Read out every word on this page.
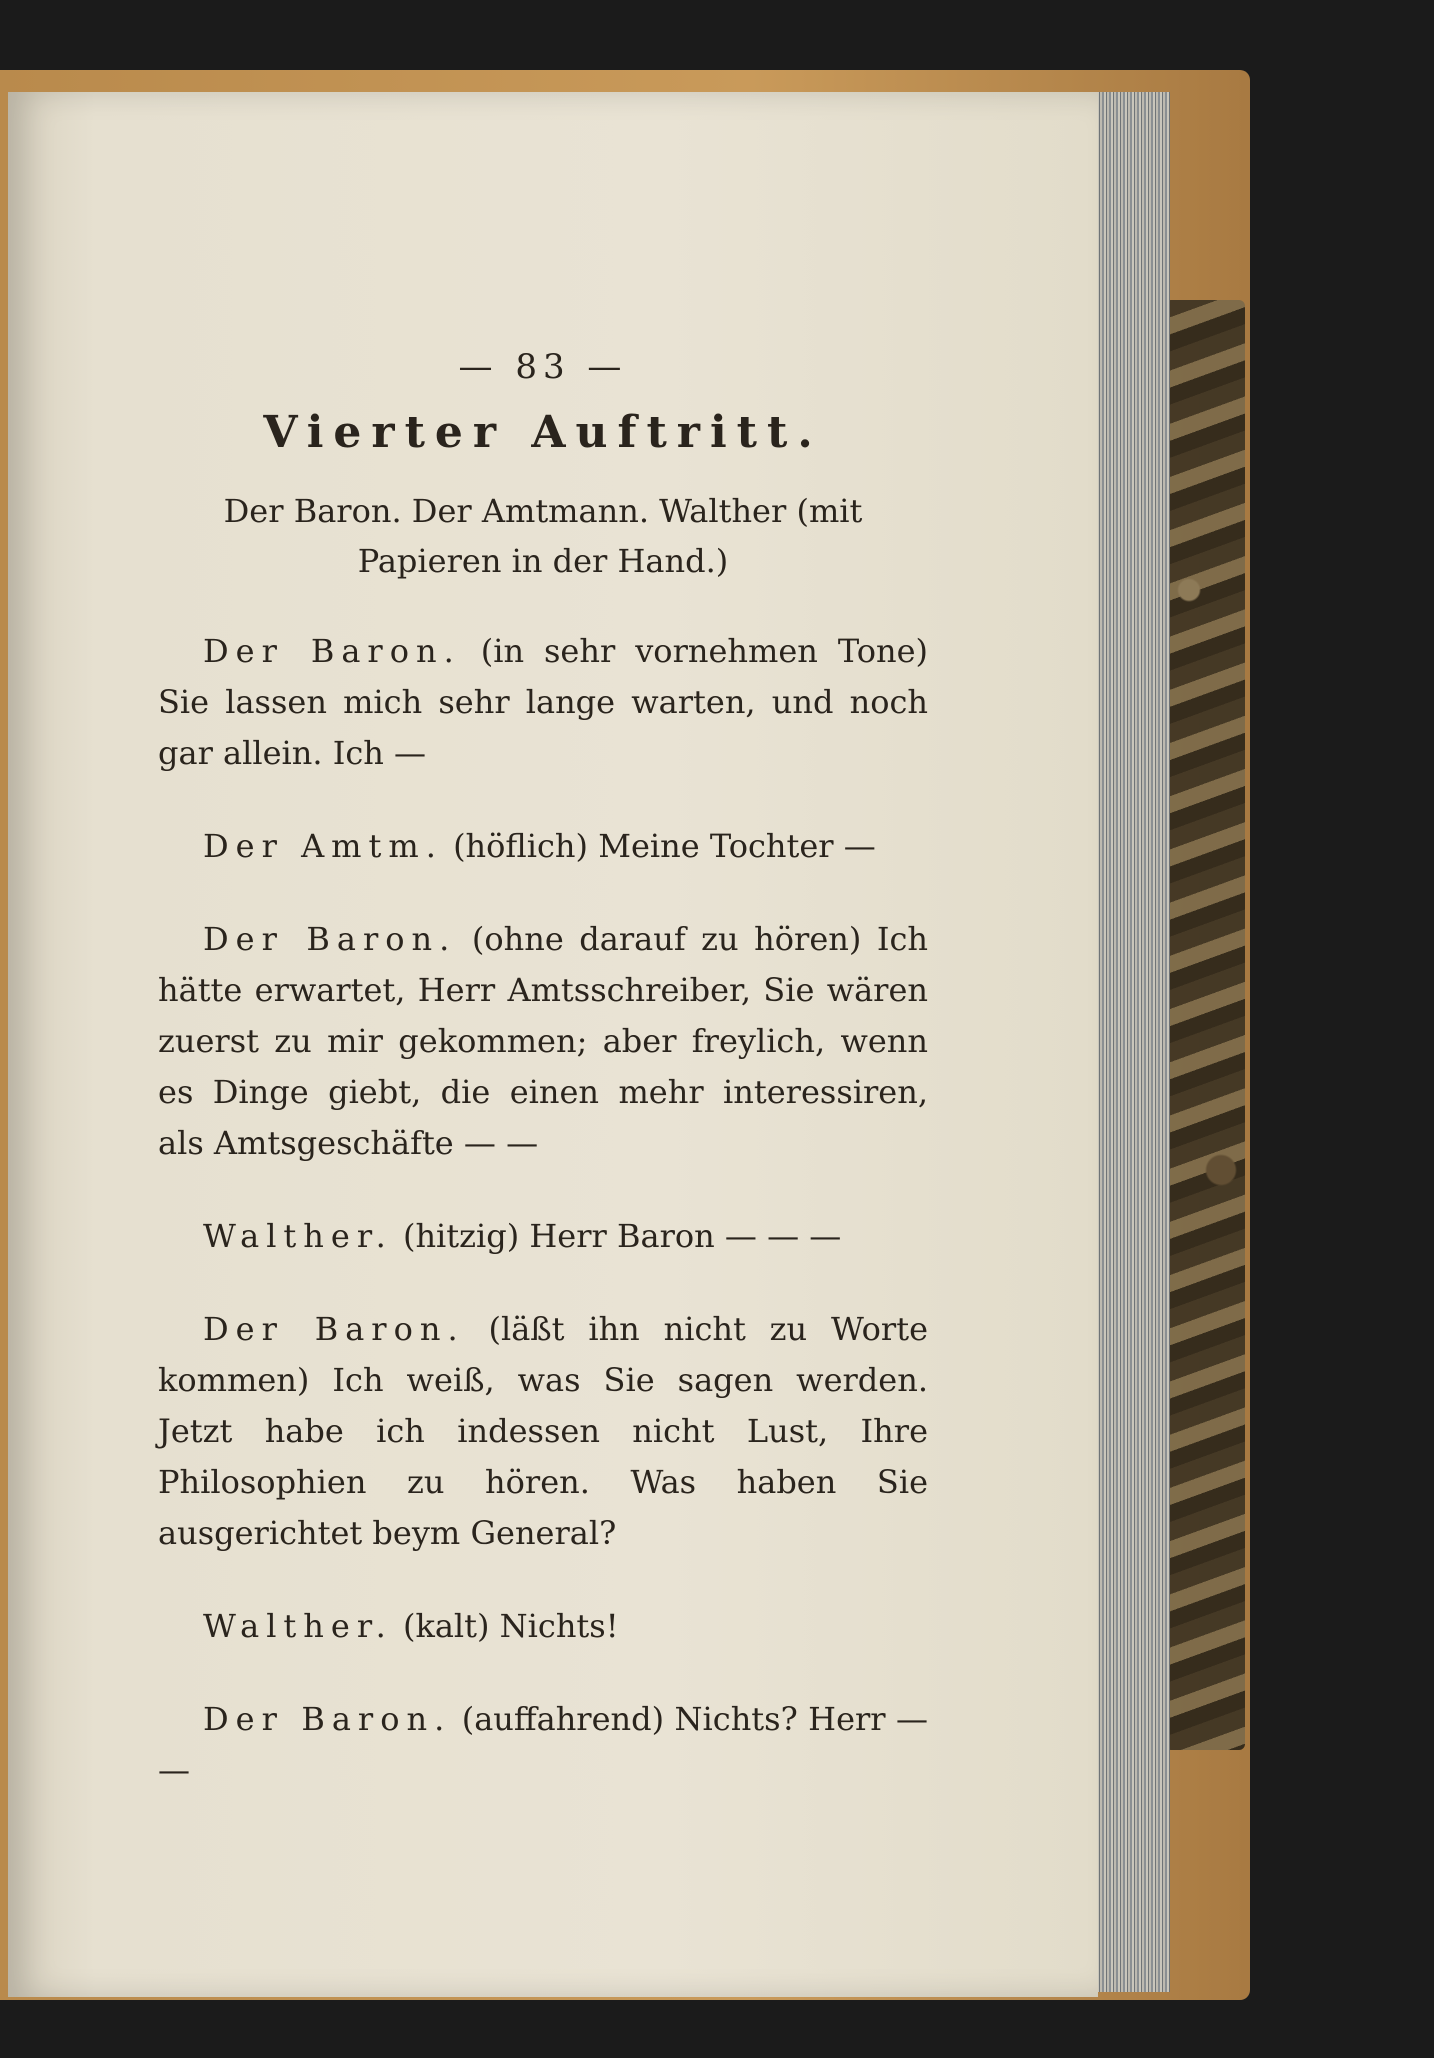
— 83 —
Vierter Auftritt.
Der Baron. Der Amtmann. Walther (mit Papieren in der Hand.)

Der Baron. (in sehr vornehmen Tone) Sie lassen mich sehr lange warten, und noch gar allein. Ich —

Der Amtm. (höflich) Meine Tochter —

Der Baron. (ohne darauf zu hören) Ich hätte erwartet, Herr Amtsschreiber, Sie wären zuerst zu mir gekommen; aber freylich, wenn es Dinge giebt, die einen mehr interessiren, als Amtsgeschäfte — —

Walther. (hitzig) Herr Baron — — —

Der Baron. (läßt ihn nicht zu Worte kommen) Ich weiß, was Sie sagen werden. Jetzt habe ich indessen nicht Lust, Ihre Philosophien zu hören. Was haben Sie ausgerichtet beym General?

Walther. (kalt) Nichts!

Der Baron. (auffahrend) Nichts? Herr — —
